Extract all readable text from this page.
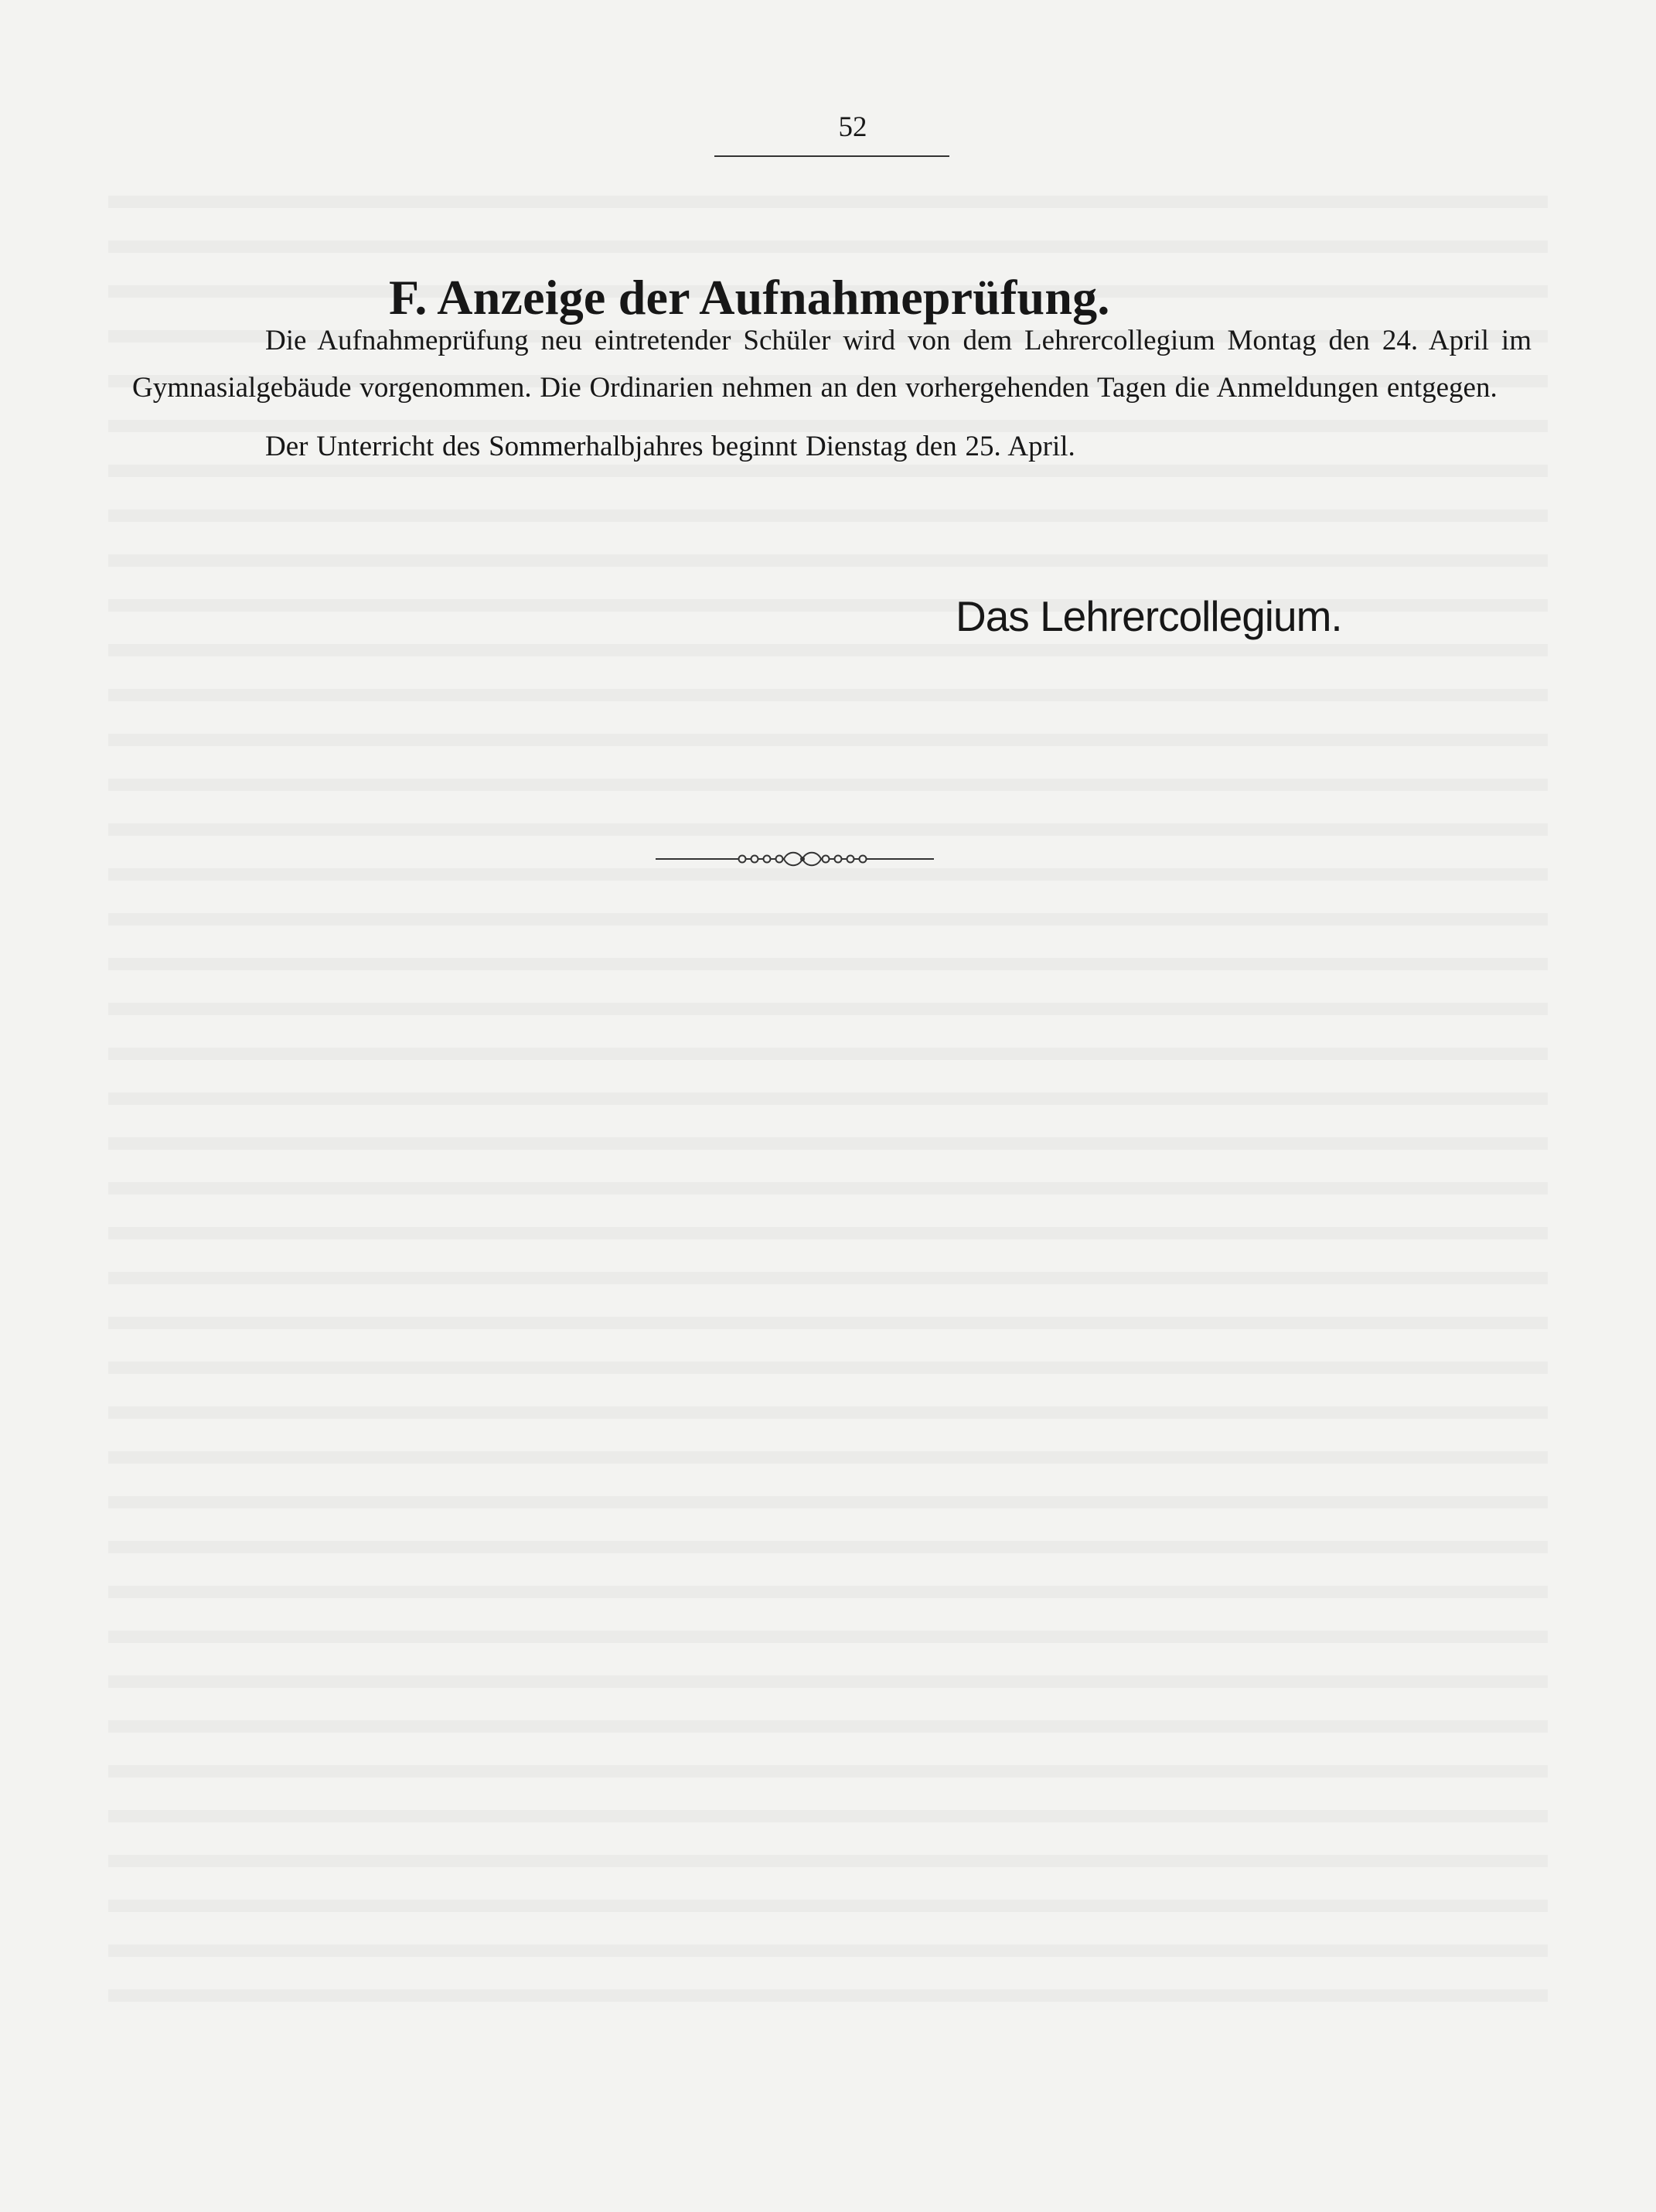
52
F. Anzeige der Aufnahmeprüfung.

Die Aufnahmeprüfung neu eintretender Schüler wird von dem Lehrercollegium Montag den 24. April im Gymnasialgebäude vorgenommen. Die Ordinarien nehmen an den vorhergehenden Tagen die Anmeldungen entgegen.

Der Unterricht des Sommerhalbjahres beginnt Dienstag den 25. April.

Das Lehrercollegium.
